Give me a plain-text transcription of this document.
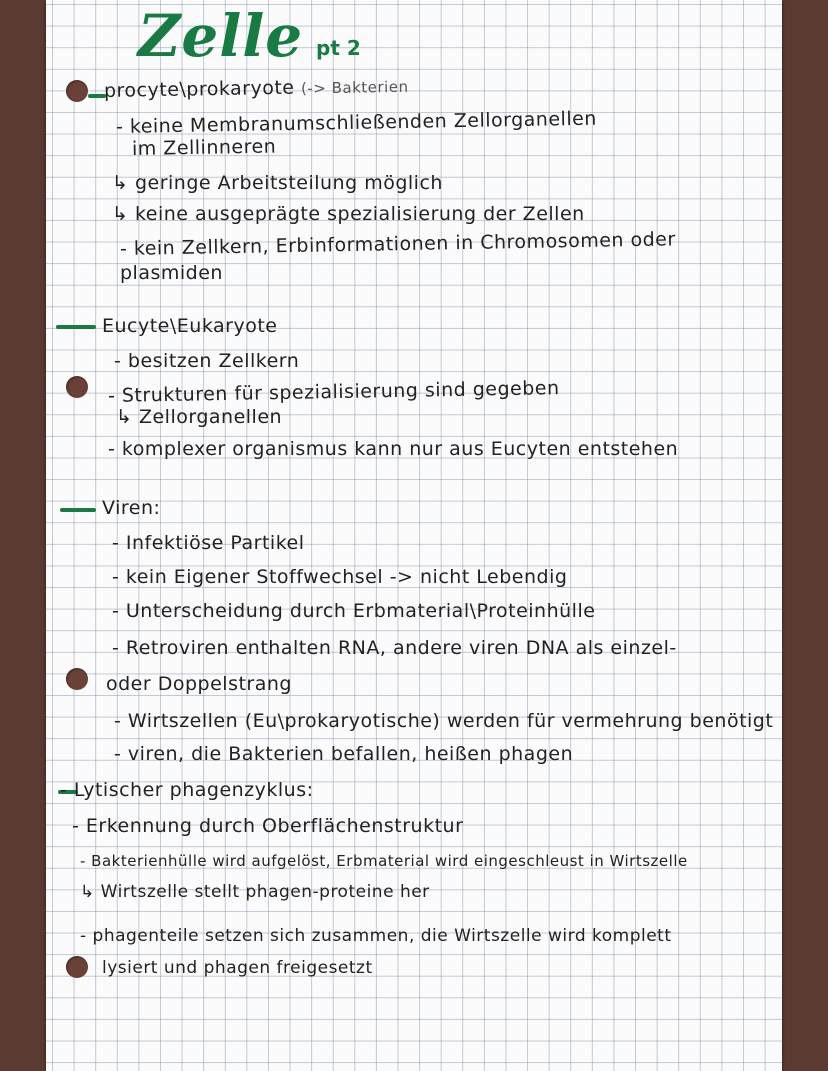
Zelle pt 2
procyte\prokaryote (-> Bakterien
- keine Membranumschließenden Zellorganellen
im Zellinneren
↳ geringe Arbeitsteilung möglich
↳ keine ausgeprägte spezialisierung der Zellen
- kein Zellkern, Erbinformationen in Chromosomen oder
plasmiden
Eucyte\Eukaryote
- besitzen Zellkern
- Strukturen für spezialisierung sind gegeben
↳ Zellorganellen
- komplexer organismus kann nur aus Eucyten entstehen
Viren:
- Infektiöse Partikel
- kein Eigener Stoffwechsel -> nicht Lebendig
- Unterscheidung durch Erbmaterial\Proteinhülle
- Retroviren enthalten RNA, andere viren DNA als einzel-
oder Doppelstrang
- Wirtszellen (Eu\prokaryotische) werden für vermehrung benötigt
- viren, die Bakterien befallen, heißen phagen
- Lytischer phagenzyklus:
- Erkennung durch Oberflächenstruktur
- Bakterienhülle wird aufgelöst, Erbmaterial wird eingeschleust in Wirtszelle
↳ Wirtszelle stellt phagen-proteine her
- phagenteile setzen sich zusammen, die Wirtszelle wird komplett
lysiert und phagen freigesetzt
